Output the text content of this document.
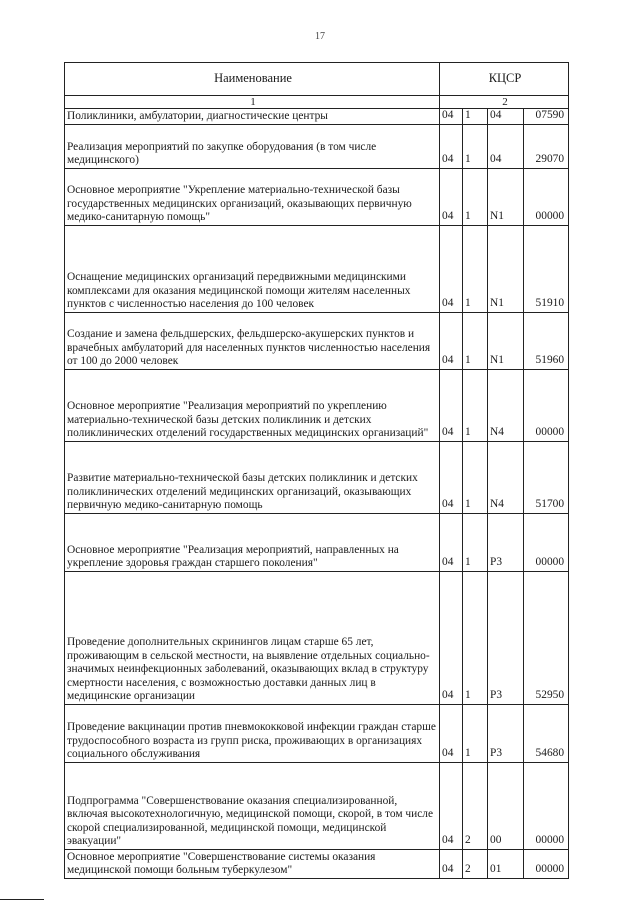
17
Наименование	КЦСР			
1	2			
Поликлиники, амбулатории, диагностические центры	04	1	04	07590
Реализация мероприятий по закупке оборудования (в том числе медицинского)	04	1	04	29070
Основное мероприятие "Укрепление материально-технической базы государственных медицинских организаций, оказывающих первичную медико-санитарную помощь"	04	1	N1	00000
Оснащение медицинских организаций передвижными медицинскими комплексами для оказания медицинской помощи жителям населенных пунктов с численностью населения до 100 человек	04	1	N1	51910
Создание и замена фельдшерских, фельдшерско-акушерских пунктов и врачебных амбулаторий для населенных пунктов численностью населения от 100 до 2000 человек	04	1	N1	51960
Основное мероприятие "Реализация мероприятий по укреплению материально-технической базы детских поликлиник и детских поликлинических отделений государственных медицинских организаций"	04	1	N4	00000
Развитие материально-технической базы детских поликлиник и детских поликлинических отделений медицинских организаций, оказывающих первичную медико-санитарную помощь	04	1	N4	51700
Основное мероприятие "Реализация мероприятий, направленных на укрепление здоровья граждан старшего поколения"	04	1	P3	00000
Проведение дополнительных скринингов лицам старше 65 лет, проживающим в сельской местности, на выявление отдельных социально-значимых неинфекционных заболеваний, оказывающих вклад в структуру смертности населения, с возможностью доставки данных лиц в медицинские организации	04	1	P3	52950
Проведение вакцинации против пневмококковой инфекции граждан старше трудоспособного возраста из групп риска, проживающих в организациях социального обслуживания	04	1	P3	54680
Подпрограмма "Совершенствование оказания специализированной, включая высокотехнологичную, медицинской помощи, скорой, в том числе скорой специализированной, медицинской помощи, медицинской эвакуации"	04	2	00	00000
Основное мероприятие "Совершенствование системы оказания медицинской помощи больным туберкулезом"	04	2	01	00000
